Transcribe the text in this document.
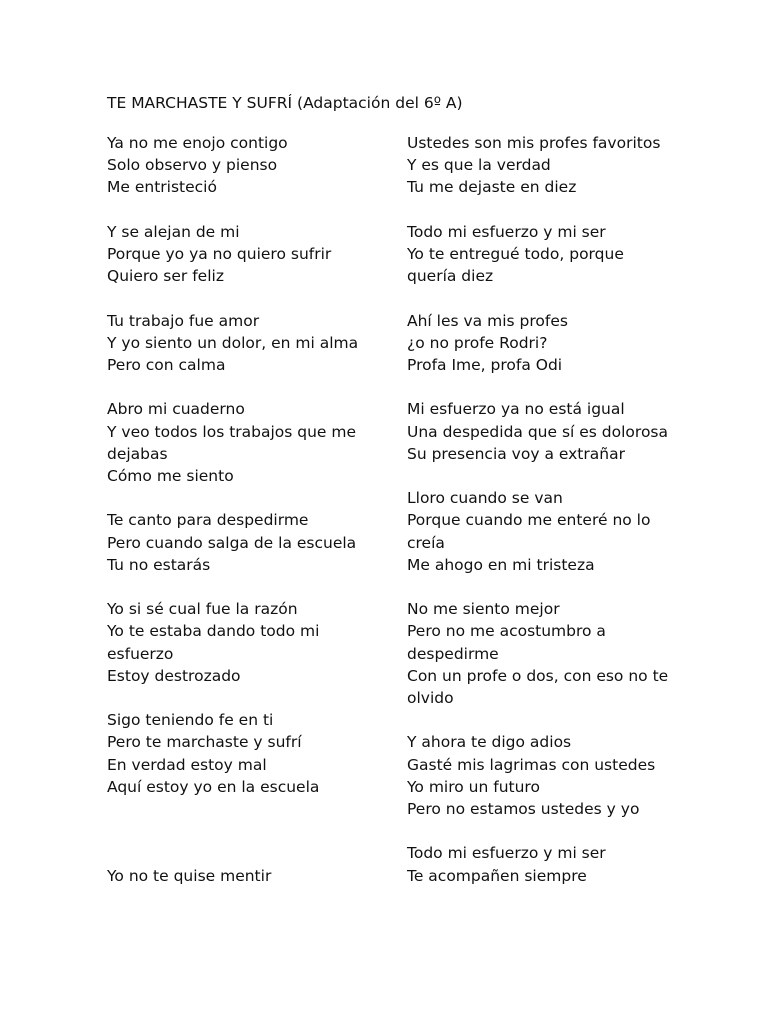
TE MARCHASTE Y SUFRÍ (Adaptación del 6º A)
Ya no me enojo contigo
Solo observo y pienso
Me entristeció
Y se alejan de mi
Porque yo ya no quiero sufrir
Quiero ser feliz
Tu trabajo fue amor
Y yo siento un dolor, en mi alma
Pero con calma
Abro mi cuaderno
Y veo todos los trabajos que me dejabas
Cómo me siento
Te canto para despedirme
Pero cuando salga de la escuela
Tu no estarás
Yo si sé cual fue la razón
Yo te estaba dando todo mi esfuerzo
Estoy destrozado
Sigo teniendo fe en ti
Pero te marchaste y sufrí
En verdad estoy mal
Aquí estoy yo en la escuela
Yo no te quise mentir
Ustedes son mis profes favoritos
Y es que la verdad
Tu me dejaste en diez
Todo mi esfuerzo y mi ser
Yo te entregué todo, porque quería diez
Ahí les va mis profes
¿o no profe Rodri?
Profa Ime, profa Odi
Mi esfuerzo ya no está igual
Una despedida que sí es dolorosa
Su presencia voy a extrañar
Lloro cuando se van
Porque cuando me enteré no lo creía
Me ahogo en mi tristeza
No me siento mejor
Pero no me acostumbro a despedirme
Con un profe o dos, con eso no te olvido
Y ahora te digo adios
Gasté mis lagrimas con ustedes
Yo miro un futuro
Pero no estamos ustedes y yo
Todo mi esfuerzo y mi ser
Te acompañen siempre
